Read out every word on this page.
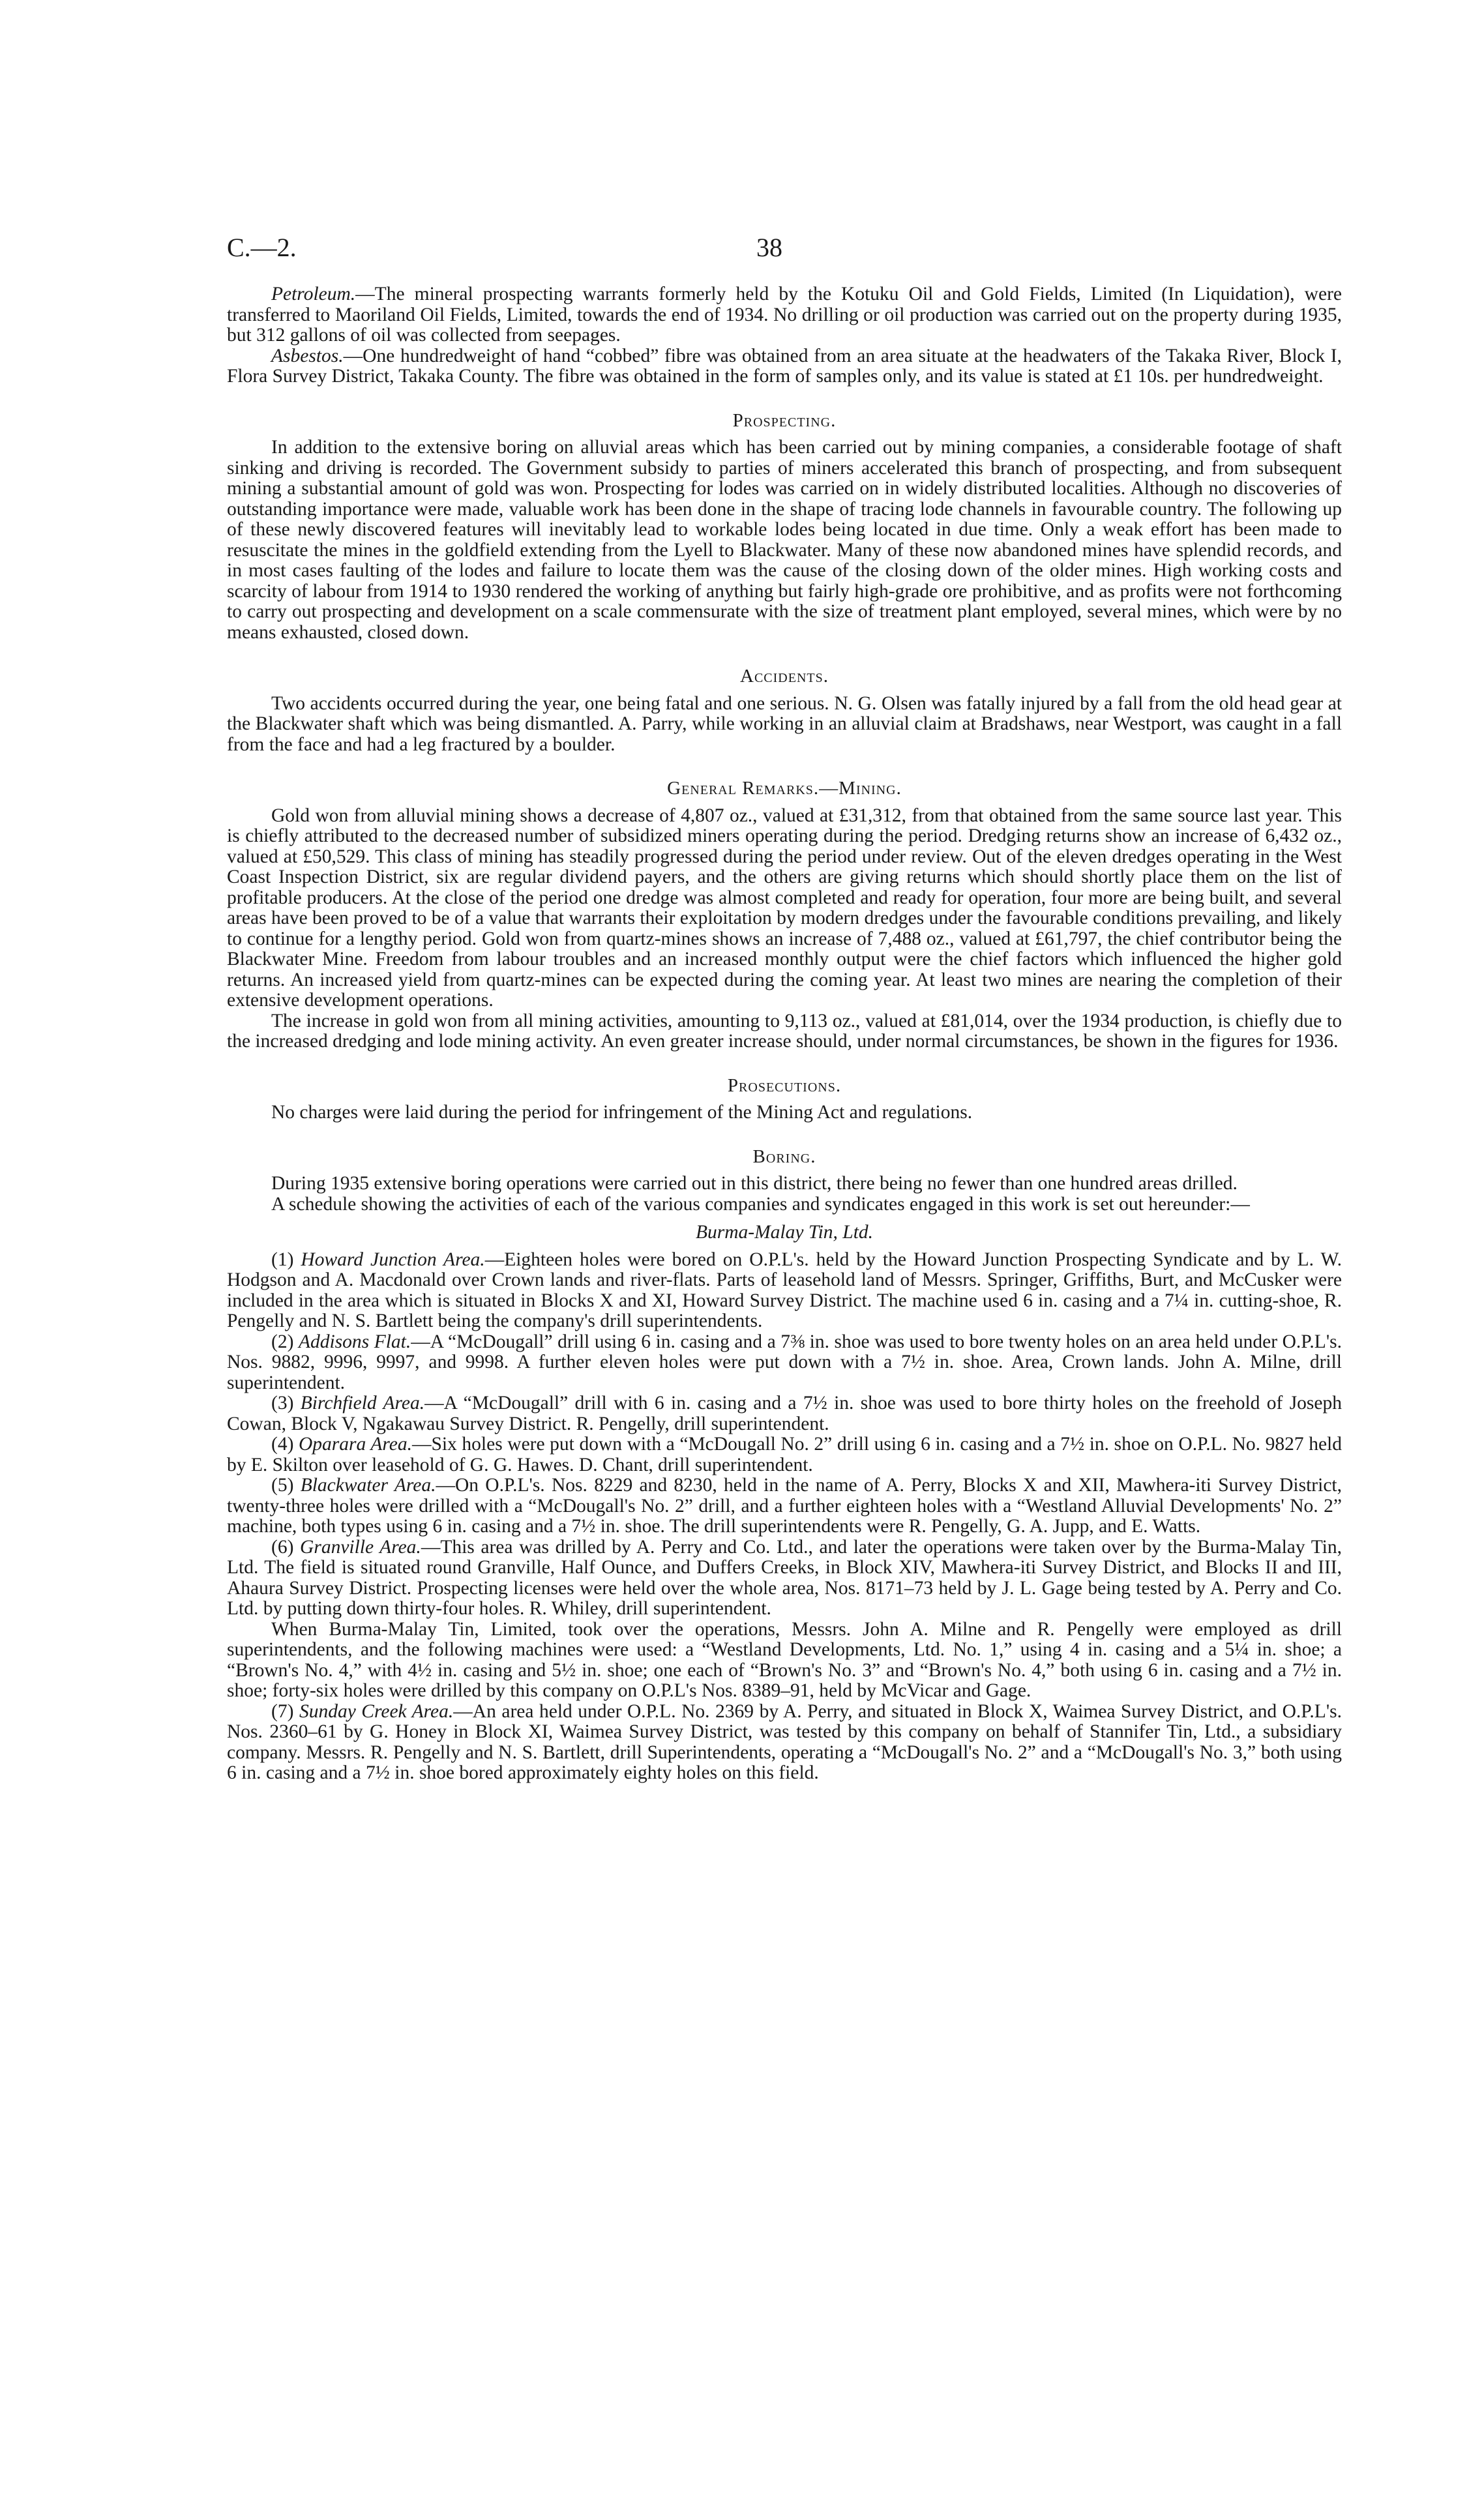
C.—2.	38

Petroleum.—The mineral prospecting warrants formerly held by the Kotuku Oil and Gold Fields, Limited (In Liquidation), were transferred to Maoriland Oil Fields, Limited, towards the end of 1934. No drilling or oil production was carried out on the property during 1935, but 312 gallons of oil was collected from seepages.

Asbestos.—One hundredweight of hand “cobbed” fibre was obtained from an area situate at the headwaters of the Takaka River, Block I, Flora Survey District, Takaka County. The fibre was obtained in the form of samples only, and its value is stated at £1 10s. per hundredweight.

Prospecting.

In addition to the extensive boring on alluvial areas which has been carried out by mining companies, a considerable footage of shaft sinking and driving is recorded. The Government subsidy to parties of miners accelerated this branch of prospecting, and from subsequent mining a substantial amount of gold was won. Prospecting for lodes was carried on in widely distributed localities. Although no discoveries of outstanding importance were made, valuable work has been done in the shape of tracing lode channels in favourable country. The following up of these newly discovered features will inevitably lead to workable lodes being located in due time. Only a weak effort has been made to resuscitate the mines in the goldfield extending from the Lyell to Blackwater. Many of these now abandoned mines have splendid records, and in most cases faulting of the lodes and failure to locate them was the cause of the closing down of the older mines. High working costs and scarcity of labour from 1914 to 1930 rendered the working of anything but fairly high-grade ore prohibitive, and as profits were not forthcoming to carry out prospecting and development on a scale commensurate with the size of treatment plant employed, several mines, which were by no means exhausted, closed down.

Accidents.

Two accidents occurred during the year, one being fatal and one serious. N. G. Olsen was fatally injured by a fall from the old head gear at the Blackwater shaft which was being dismantled. A. Parry, while working in an alluvial claim at Bradshaws, near Westport, was caught in a fall from the face and had a leg fractured by a boulder.

General Remarks.—Mining.

Gold won from alluvial mining shows a decrease of 4,807 oz., valued at £31,312, from that obtained from the same source last year. This is chiefly attributed to the decreased number of subsidized miners operating during the period. Dredging returns show an increase of 6,432 oz., valued at £50,529. This class of mining has steadily progressed during the period under review. Out of the eleven dredges operating in the West Coast Inspection District, six are regular dividend payers, and the others are giving returns which should shortly place them on the list of profitable producers. At the close of the period one dredge was almost completed and ready for operation, four more are being built, and several areas have been proved to be of a value that warrants their exploitation by modern dredges under the favourable conditions prevailing, and likely to continue for a lengthy period. Gold won from quartz-mines shows an increase of 7,488 oz., valued at £61,797, the chief contributor being the Blackwater Mine. Freedom from labour troubles and an increased monthly output were the chief factors which influenced the higher gold returns. An increased yield from quartz-mines can be expected during the coming year. At least two mines are nearing the completion of their extensive development operations.

The increase in gold won from all mining activities, amounting to 9,113 oz., valued at £81,014, over the 1934 production, is chiefly due to the increased dredging and lode mining activity. An even greater increase should, under normal circumstances, be shown in the figures for 1936.

Prosecutions.

No charges were laid during the period for infringement of the Mining Act and regulations.

Boring.

During 1935 extensive boring operations were carried out in this district, there being no fewer than one hundred areas drilled.

A schedule showing the activities of each of the various companies and syndicates engaged in this work is set out hereunder:—

Burma-Malay Tin, Ltd.

(1) Howard Junction Area.—Eighteen holes were bored on O.P.L's. held by the Howard Junction Prospecting Syndicate and by L. W. Hodgson and A. Macdonald over Crown lands and river-flats. Parts of leasehold land of Messrs. Springer, Griffiths, Burt, and McCusker were included in the area which is situated in Blocks X and XI, Howard Survey District. The machine used 6 in. casing and a 7¼ in. cutting-shoe, R. Pengelly and N. S. Bartlett being the company's drill superintendents.

(2) Addisons Flat.—A “McDougall” drill using 6 in. casing and a 7⅜ in. shoe was used to bore twenty holes on an area held under O.P.L's. Nos. 9882, 9996, 9997, and 9998. A further eleven holes were put down with a 7½ in. shoe. Area, Crown lands. John A. Milne, drill superintendent.

(3) Birchfield Area.—A “McDougall” drill with 6 in. casing and a 7½ in. shoe was used to bore thirty holes on the freehold of Joseph Cowan, Block V, Ngakawau Survey District. R. Pengelly, drill superintendent.

(4) Oparara Area.—Six holes were put down with a “McDougall No. 2” drill using 6 in. casing and a 7½ in. shoe on O.P.L. No. 9827 held by E. Skilton over leasehold of G. G. Hawes. D. Chant, drill superintendent.

(5) Blackwater Area.—On O.P.L's. Nos. 8229 and 8230, held in the name of A. Perry, Blocks X and XII, Mawhera-iti Survey District, twenty-three holes were drilled with a “McDougall's No. 2” drill, and a further eighteen holes with a “Westland Alluvial Developments' No. 2” machine, both types using 6 in. casing and a 7½ in. shoe. The drill superintendents were R. Pengelly, G. A. Jupp, and E. Watts.

(6) Granville Area.—This area was drilled by A. Perry and Co. Ltd., and later the operations were taken over by the Burma-Malay Tin, Ltd. The field is situated round Granville, Half Ounce, and Duffers Creeks, in Block XIV, Mawhera-iti Survey District, and Blocks II and III, Ahaura Survey District. Prospecting licenses were held over the whole area, Nos. 8171–73 held by J. L. Gage being tested by A. Perry and Co. Ltd. by putting down thirty-four holes. R. Whiley, drill superintendent.

When Burma-Malay Tin, Limited, took over the operations, Messrs. John A. Milne and R. Pengelly were employed as drill superintendents, and the following machines were used: a “Westland Developments, Ltd. No. 1,” using 4 in. casing and a 5¼ in. shoe; a “Brown's No. 4,” with 4½ in. casing and 5½ in. shoe; one each of “Brown's No. 3” and “Brown's No. 4,” both using 6 in. casing and a 7½ in. shoe; forty-six holes were drilled by this company on O.P.L's Nos. 8389–91, held by McVicar and Gage.

(7) Sunday Creek Area.—An area held under O.P.L. No. 2369 by A. Perry, and situated in Block X, Waimea Survey District, and O.P.L's. Nos. 2360–61 by G. Honey in Block XI, Waimea Survey District, was tested by this company on behalf of Stannifer Tin, Ltd., a subsidiary company. Messrs. R. Pengelly and N. S. Bartlett, drill Superintendents, operating a “McDougall's No. 2” and a “McDougall's No. 3,” both using 6 in. casing and a 7½ in. shoe bored approximately eighty holes on this field.
